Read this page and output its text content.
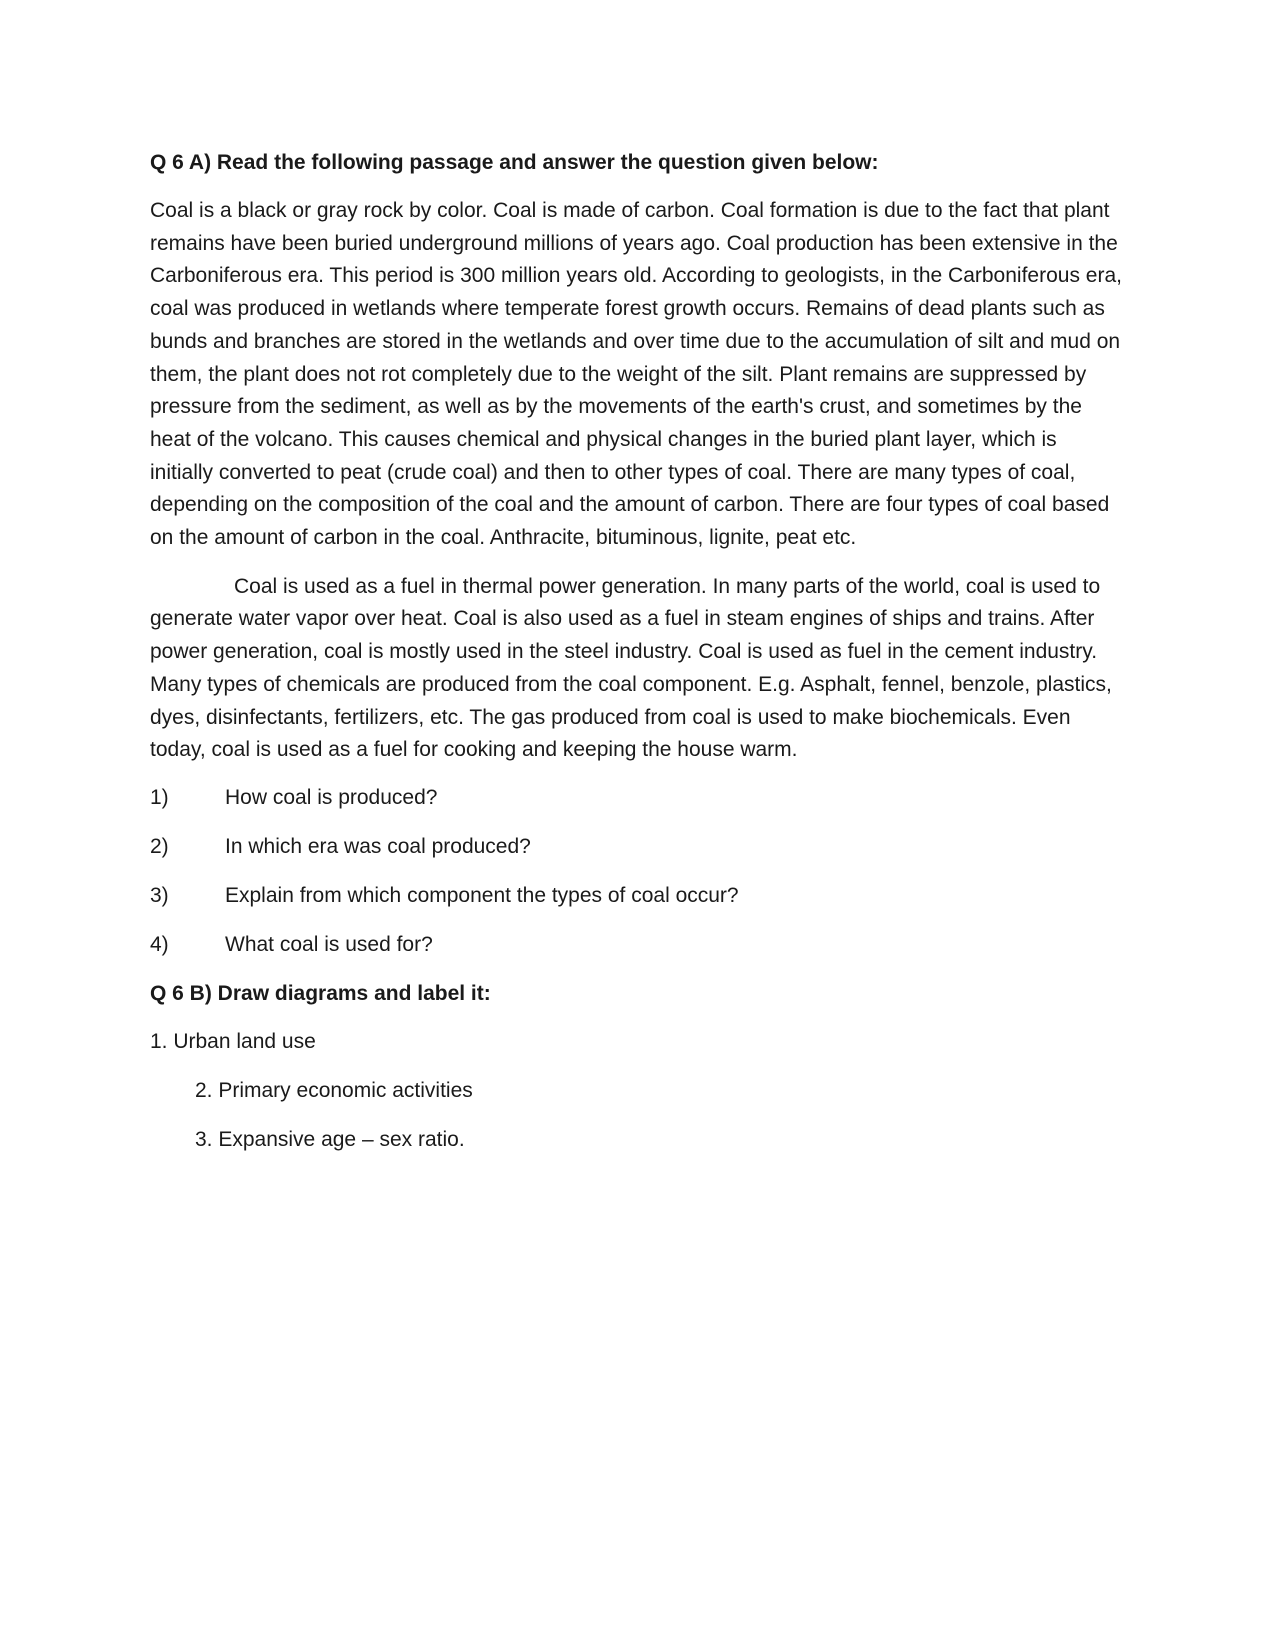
Q 6 A) Read the following passage and answer the question given below:

Coal is a black or gray rock by color. Coal is made of carbon. Coal formation is due to the fact that plant remains have been buried underground millions of years ago. Coal production has been extensive in the Carboniferous era. This period is 300 million years old. According to geologists, in the Carboniferous era, coal was produced in wetlands where temperate forest growth occurs. Remains of dead plants such as bunds and branches are stored in the wetlands and over time due to the accumulation of silt and mud on them, the plant does not rot completely due to the weight of the silt. Plant remains are suppressed by pressure from the sediment, as well as by the movements of the earth's crust, and sometimes by the heat of the volcano. This causes chemical and physical changes in the buried plant layer, which is initially converted to peat (crude coal) and then to other types of coal. There are many types of coal, depending on the composition of the coal and the amount of carbon. There are four types of coal based on the amount of carbon in the coal. Anthracite, bituminous, lignite, peat etc.

Coal is used as a fuel in thermal power generation. In many parts of the world, coal is used to generate water vapor over heat. Coal is also used as a fuel in steam engines of ships and trains. After power generation, coal is mostly used in the steel industry. Coal is used as fuel in the cement industry. Many types of chemicals are produced from the coal component. E.g. Asphalt, fennel, benzole, plastics, dyes, disinfectants, fertilizers, etc. The gas produced from coal is used to make biochemicals. Even today, coal is used as a fuel for cooking and keeping the house warm.

1)	How coal is produced?
2)	In which era was coal produced?
3)	Explain from which component the types of coal occur?
4)	What coal is used for?
Q 6 B) Draw diagrams and label it:
1. Urban land use
2. Primary economic activities
3. Expansive age – sex ratio.
